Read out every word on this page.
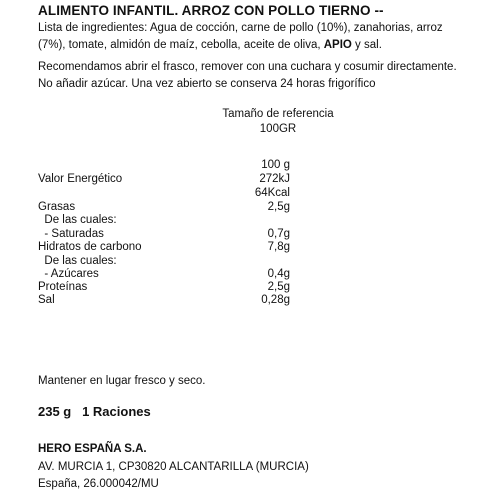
ALIMENTO INFANTIL. ARROZ CON POLLO TIERNO --
Lista de ingredientes: Agua de cocción, carne de pollo (10%), zanahorias, arroz (7%), tomate, almidón de maíz, cebolla, aceite de oliva, APIO y sal.
Recomendamos abrir el frasco, remover con una cuchara y cosumir directamente. No añadir azúcar. Una vez abierto se conserva 24 horas frigorífico
Tamaño de referencia
100GR
100 g
Valor Energético	272kJ
64Kcal
Grasas	2,5g
De las cuales:
- Saturadas	0,7g
Hidratos de carbono	7,8g
De las cuales:
- Azúcares	0,4g
Proteínas	2,5g
Sal	0,28g
Mantener en lugar fresco y seco.
235 g   1 Raciones
HERO ESPAÑA S.A.
AV. MURCIA 1, CP30820 ALCANTARILLA (MURCIA)
España, 26.000042/MU
